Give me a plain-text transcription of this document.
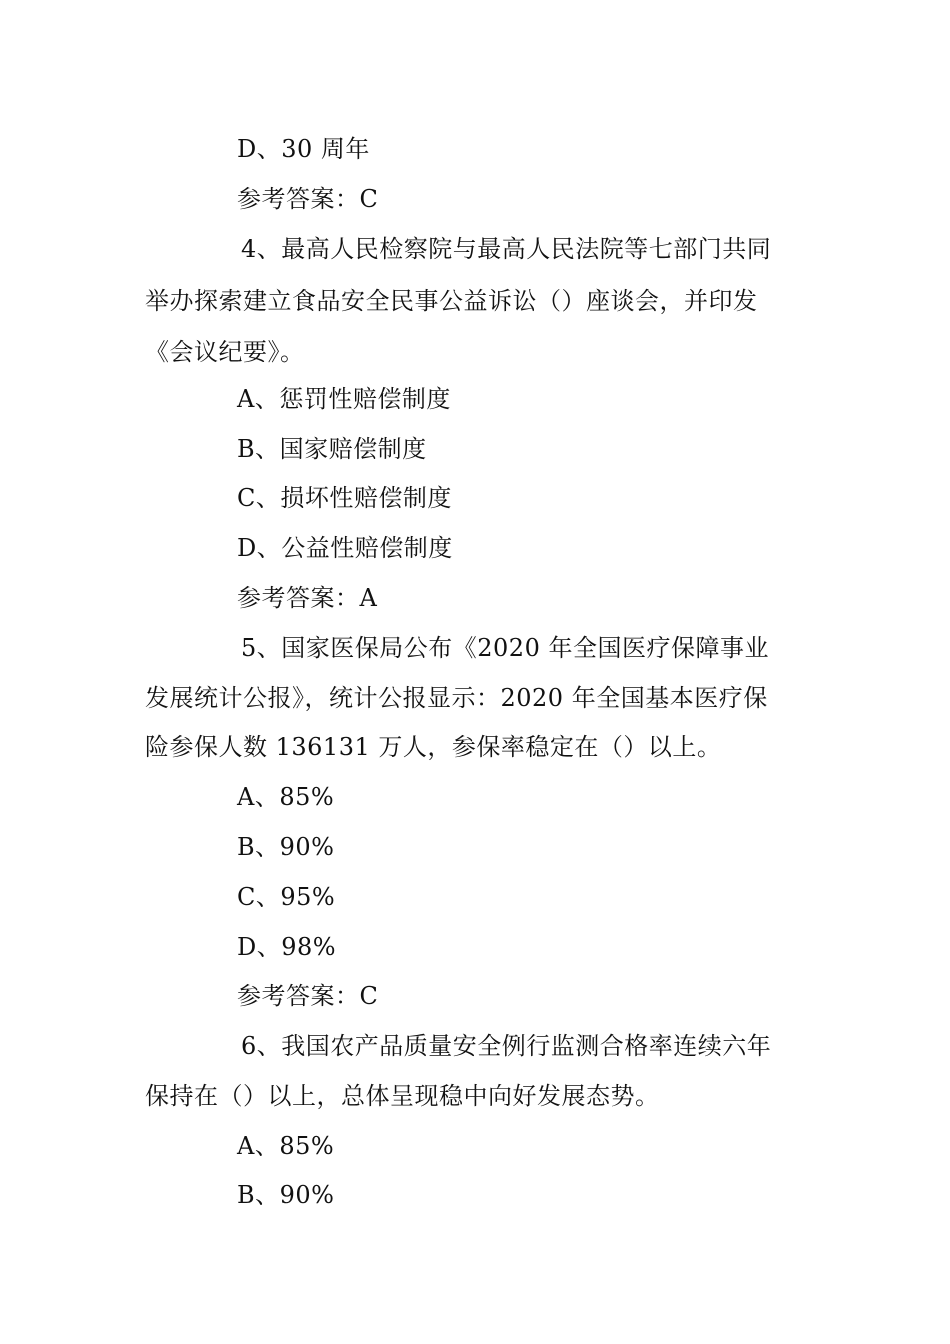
D、30 周年
参考答案：C
4、最高人民检察院与最高人民法院等七部门共同
举办探索建立食品安全民事公益诉讼（）座谈会，并印发
《会议纪要》。
A、惩罚性赔偿制度
B、国家赔偿制度
C、损坏性赔偿制度
D、公益性赔偿制度
参考答案：A
5、国家医保局公布《2020 年全国医疗保障事业
发展统计公报》，统计公报显示：2020 年全国基本医疗保
险参保人数 136131 万人，参保率稳定在（）以上。
A、85%
B、90%
C、95%
D、98%
参考答案：C
6、我国农产品质量安全例行监测合格率连续六年
保持在（）以上，总体呈现稳中向好发展态势。
A、85%
B、90%
